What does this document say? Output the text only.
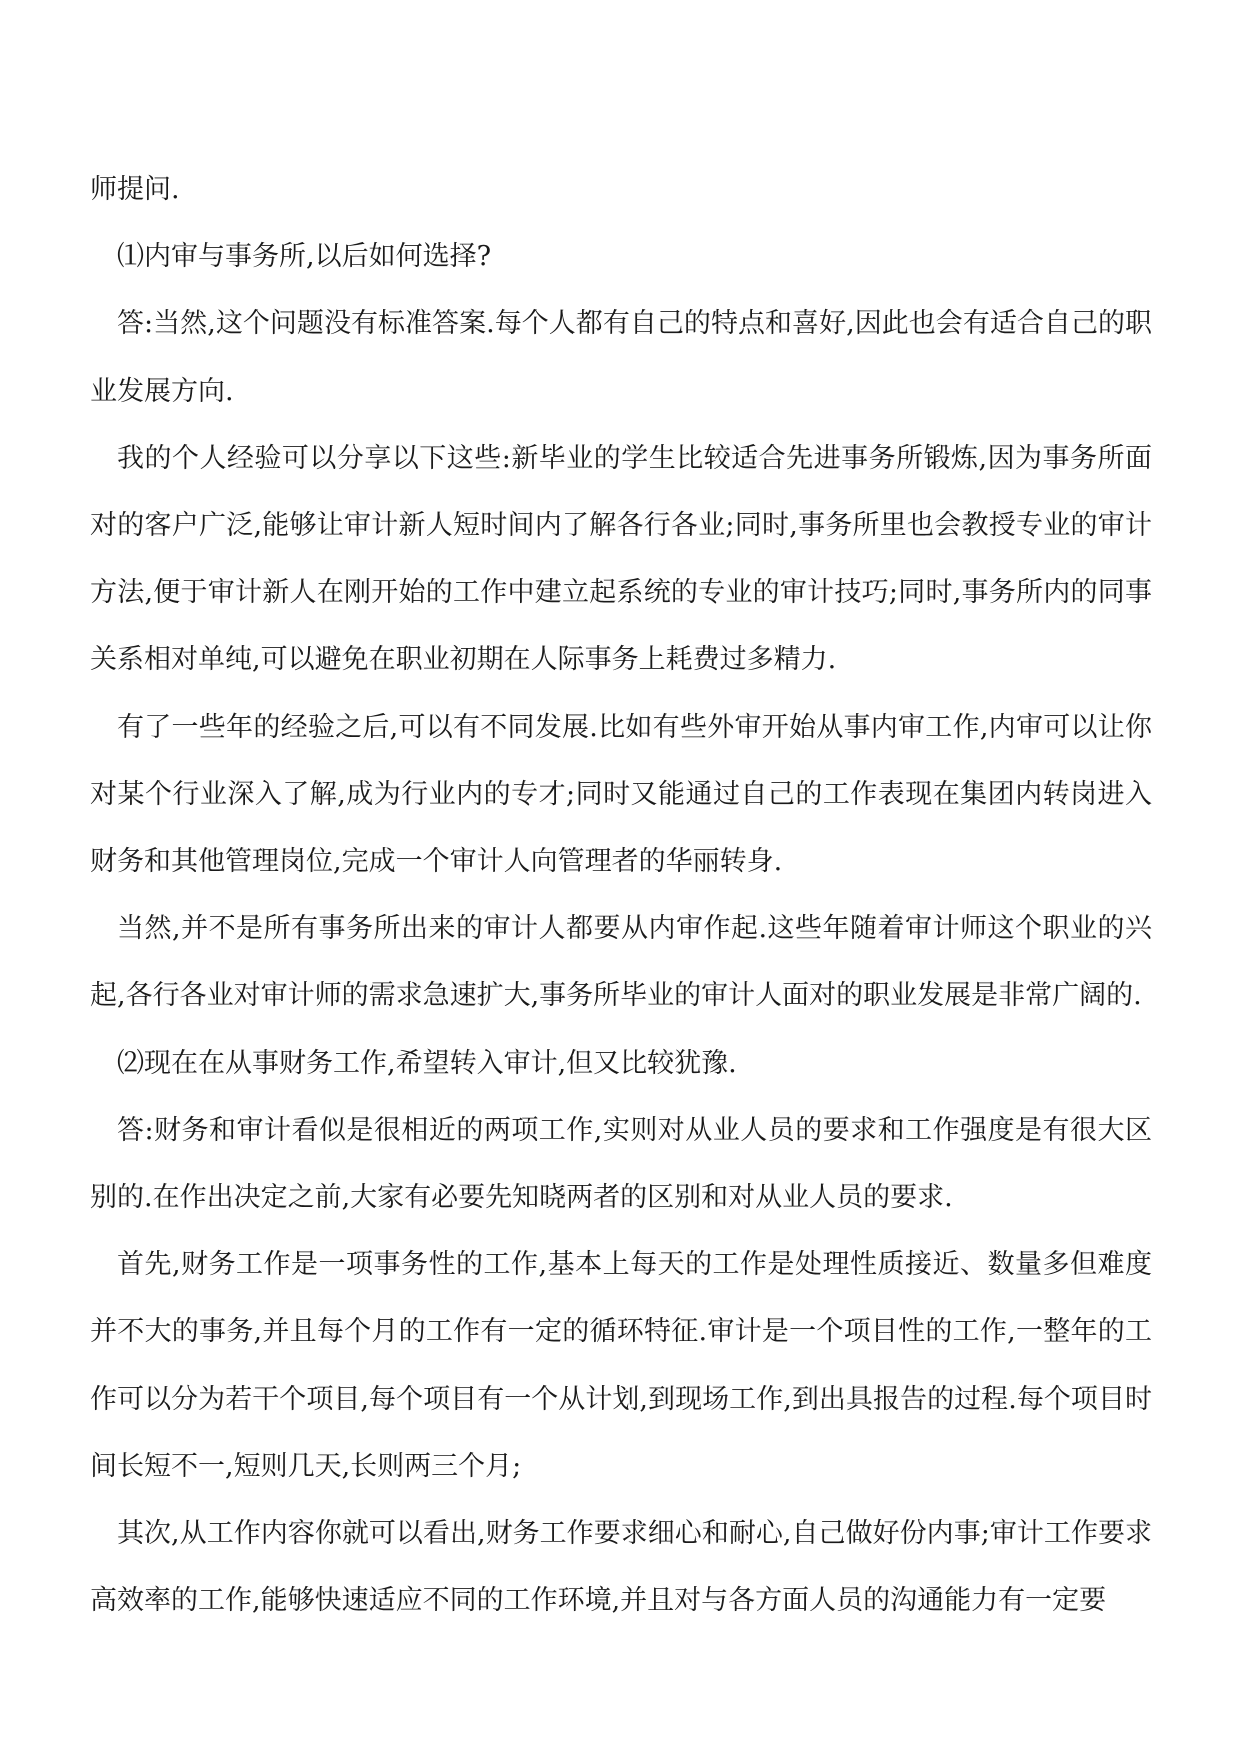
师提问.

⑴内审与事务所,以后如何选择?

答:当然,这个问题没有标准答案.每个人都有自己的特点和喜好,因此也会有适合自己的职业发展方向.

我的个人经验可以分享以下这些:新毕业的学生比较适合先进事务所锻炼,因为事务所面对的客户广泛,能够让审计新人短时间内了解各行各业;同时,事务所里也会教授专业的审计方法,便于审计新人在刚开始的工作中建立起系统的专业的审计技巧;同时,事务所内的同事关系相对单纯,可以避免在职业初期在人际事务上耗费过多精力.

有了一些年的经验之后,可以有不同发展.比如有些外审开始从事内审工作,内审可以让你对某个行业深入了解,成为行业内的专才;同时又能通过自己的工作表现在集团内转岗进入财务和其他管理岗位,完成一个审计人向管理者的华丽转身.

当然,并不是所有事务所出来的审计人都要从内审作起.这些年随着审计师这个职业的兴起,各行各业对审计师的需求急速扩大,事务所毕业的审计人面对的职业发展是非常广阔的.

⑵现在在从事财务工作,希望转入审计,但又比较犹豫.

答:财务和审计看似是很相近的两项工作,实则对从业人员的要求和工作强度是有很大区别的.在作出决定之前,大家有必要先知晓两者的区别和对从业人员的要求.

首先,财务工作是一项事务性的工作,基本上每天的工作是处理性质接近、数量多但难度并不大的事务,并且每个月的工作有一定的循环特征.审计是一个项目性的工作,一整年的工作可以分为若干个项目,每个项目有一个从计划,到现场工作,到出具报告的过程.每个项目时间长短不一,短则几天,长则两三个月;

其次,从工作内容你就可以看出,财务工作要求细心和耐心,自己做好份内事;审计工作要求高效率的工作,能够快速适应不同的工作环境,并且对与各方面人员的沟通能力有一定要
